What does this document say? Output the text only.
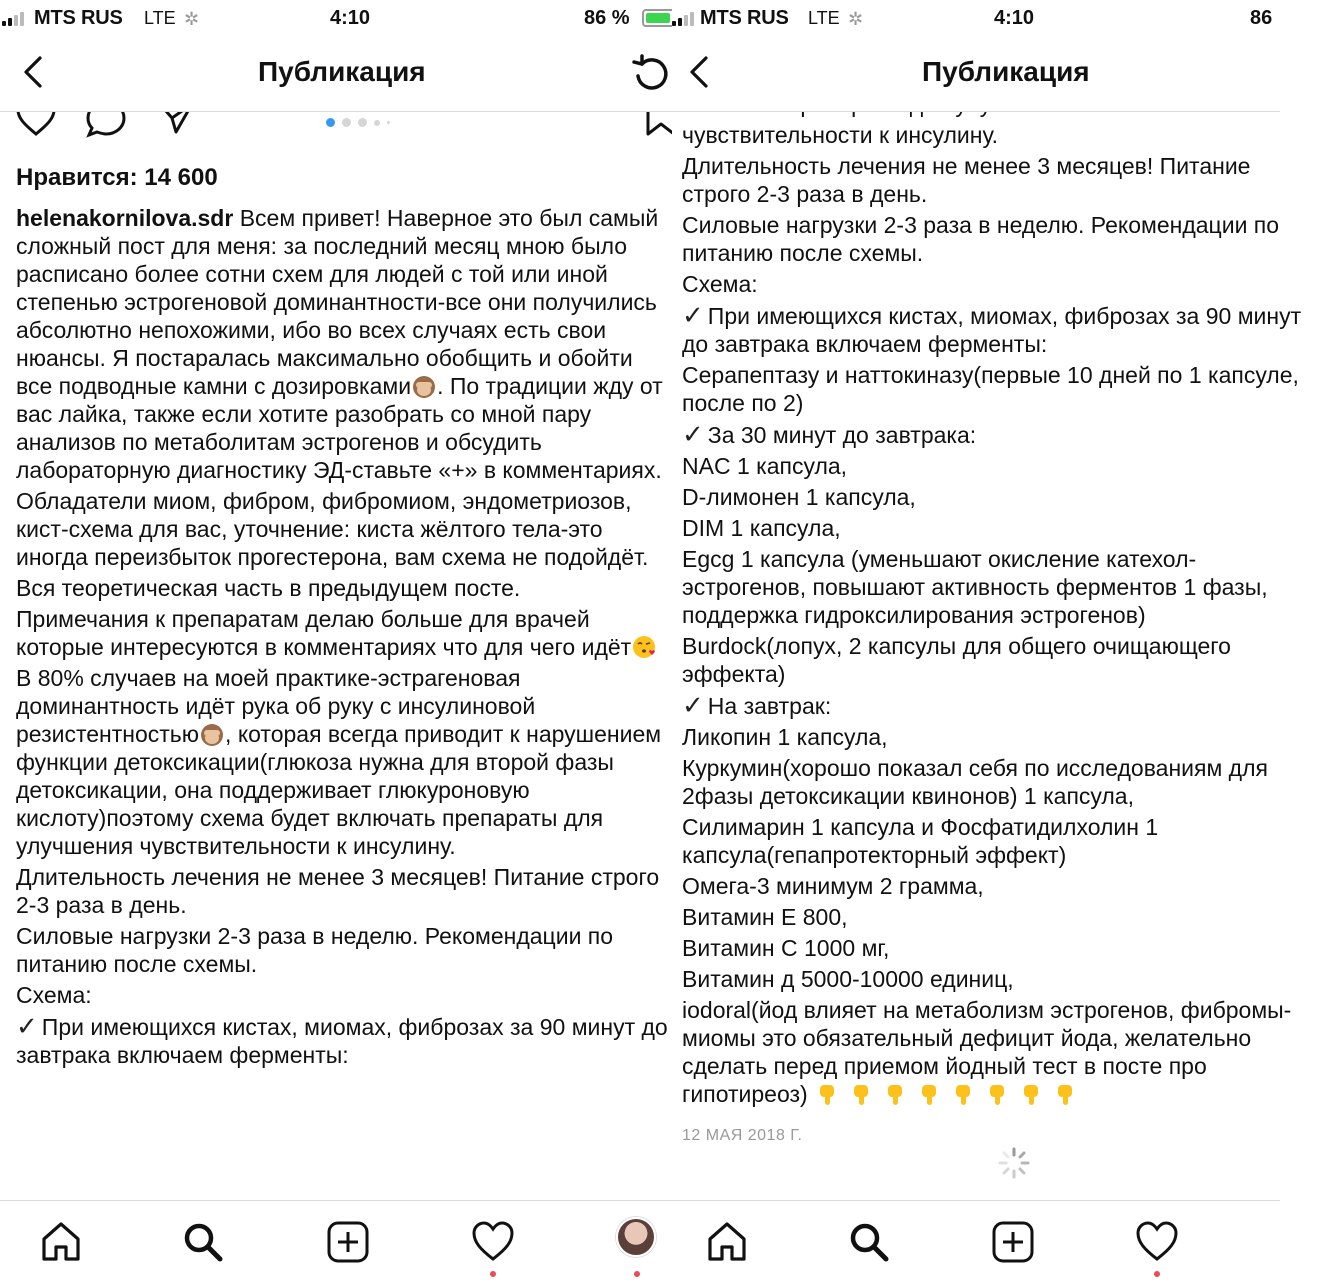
MTS RUS LTE ✲	4:10	86 %
Публикация
Нравится: 14 600

helenakornilova.sdr Всем привет! Наверное это был самый сложный пост для меня: за последний месяц мною было расписано более сотни схем для людей с той или иной степенью эстрогеновой доминантности-все они получились абсолютно непохожими, ибо во всех случаях есть свои нюансы. Я постаралась максимально обобщить и обойти все подводные камни с дозировками . По традиции жду от вас лайка, также если хотите разобрать со мной пару анализов по метаболитам эстрогенов и обсудить лабораторную диагностику ЭД-ставьте «+» в комментариях.

Обладатели миом, фибром, фибромиом, эндометриозов, кист-схема для вас, уточнение: киста жёлтого тела-это иногда переизбыток прогестерона, вам схема не подойдёт.

Вся теоретическая часть в предыдущем посте.

Примечания к препаратам делаю больше для врачей которые интересуются в комментариях что для чего идёт

В 80% случаев на моей практике-эстрагеновая доминантность идёт рука об руку с инсулиновой резистентностью , которая всегда приводит к нарушением функции детоксикации(глюкоза нужна для второй фазы детоксикации, она поддерживает глюкуроновую кислоту)поэтому схема будет включать препараты для улучшения чувствительности к инсулину.

Длительность лечения не менее 3 месяцев! Питание строго 2-3 раза в день.

Силовые нагрузки 2-3 раза в неделю. Рекомендации по питанию после схемы.

Схема:

✓ При имеющихся кистах, миомах, фиброзах за 90 минут до завтрака включаем ферменты:

MTS RUS LTE ✲	4:10	86
Публикация

чувствительности к инсулину.

Длительность лечения не менее 3 месяцев! Питание строго 2-3 раза в день.

Силовые нагрузки 2-3 раза в неделю. Рекомендации по питанию после схемы.

Схема:

✓ При имеющихся кистах, миомах, фиброзах за 90 минут до завтрака включаем ферменты:

Серапептазу и наттокиназу(первые 10 дней по 1 капсуле, после по 2)

✓ За 30 минут до завтрака:

NAC 1 капсула,

D-лимонен 1 капсула,

DIM 1 капсула,

Egcg 1 капсула (уменьшают окисление катехол-эстрогенов, повышают активность ферментов 1 фазы, поддержка гидроксилирования эстрогенов)

Burdock(лопух, 2 капсулы для общего очищающего эффекта)

✓ На завтрак:

Ликопин 1 капсула,

Куркумин(хорошо показал себя по исследованиям для 2фазы детоксикации квинонов) 1 капсула,

Силимарин 1 капсула и Фосфатидилхолин 1 капсула(гепапротекторный эффект)

Омега-3 минимум 2 грамма,

Витамин Е 800,

Витамин С 1000 мг,

Витамин д 5000-10000 единиц,

iodoral(йод влияет на метаболизм эстрогенов, фибромы-миомы это обязательный дефицит йода, желательно сделать перед приемом йодный тест в посте про гипотиреоз)

12 МАЯ 2018 Г.
